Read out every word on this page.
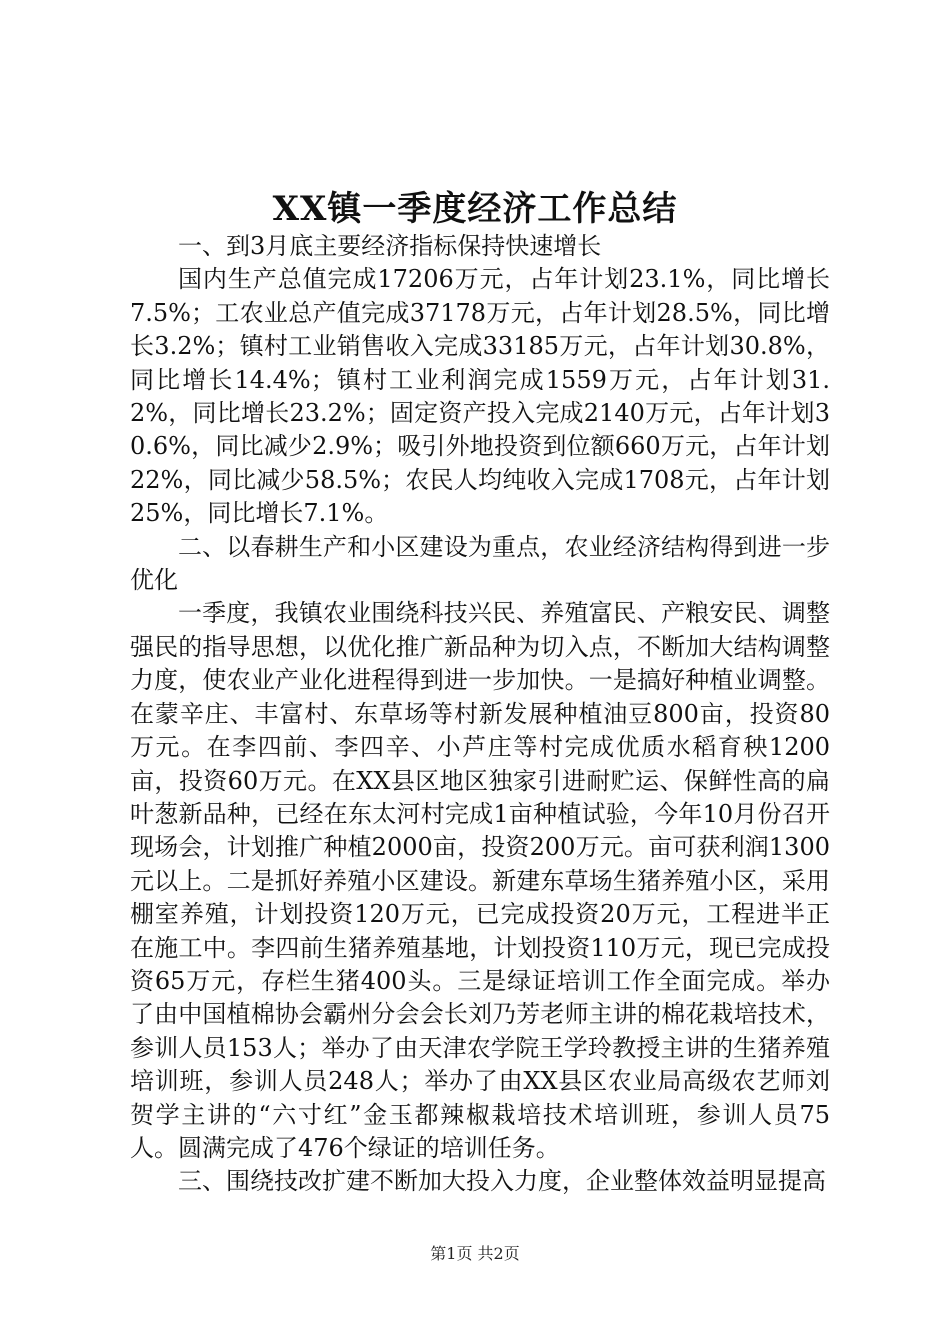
XX镇一季度经济工作总结

一、到3月底主要经济指标保持快速增长

国内生产总值完成17206万元，占年计划23.1%，同比增长7.5%；工农业总产值完成37178万元，占年计划28.5%，同比增长3.2%；镇村工业销售收入完成33185万元，占年计划30.8%，同比增长14.4%；镇村工业利润完成1559万元，占年计划31.2%，同比增长23.2%；固定资产投入完成2140万元，占年计划30.6%，同比减少2.9%；吸引外地投资到位额660万元，占年计划22%，同比减少58.5%；农民人均纯收入完成1708元，占年计划25%，同比增长7.1%。

二、以春耕生产和小区建设为重点，农业经济结构得到进一步优化

一季度，我镇农业围绕科技兴民、养殖富民、产粮安民、调整强民的指导思想，以优化推广新品种为切入点，不断加大结构调整力度，使农业产业化进程得到进一步加快。一是搞好种植业调整。在蒙辛庄、丰富村、东草场等村新发展种植油豆800亩，投资80万元。在李四前、李四辛、小芦庄等村完成优质水稻育秧1200亩，投资60万元。在XX县区地区独家引进耐贮运、保鲜性高的扁叶葱新品种，已经在东太河村完成1亩种植试验，今年10月份召开现场会，计划推广种植2000亩，投资200万元。亩可获利润1300元以上。二是抓好养殖小区建设。新建东草场生猪养殖小区，采用棚室养殖，计划投资120万元，已完成投资20万元，工程进半正在施工中。李四前生猪养殖基地，计划投资110万元，现已完成投资65万元，存栏生猪400头。三是绿证培训工作全面完成。举办了由中国植棉协会霸州分会会长刘乃芳老师主讲的棉花栽培技术，参训人员153人；举办了由天津农学院王学玲教授主讲的生猪养殖培训班，参训人员248人；举办了由XX县区农业局高级农艺师刘贺学主讲的“六寸红”金玉都辣椒栽培技术培训班，参训人员75人。圆满完成了476个绿证的培训任务。

三、围绕技改扩建不断加大投入力度，企业整体效益明显提高

第1页 共2页
